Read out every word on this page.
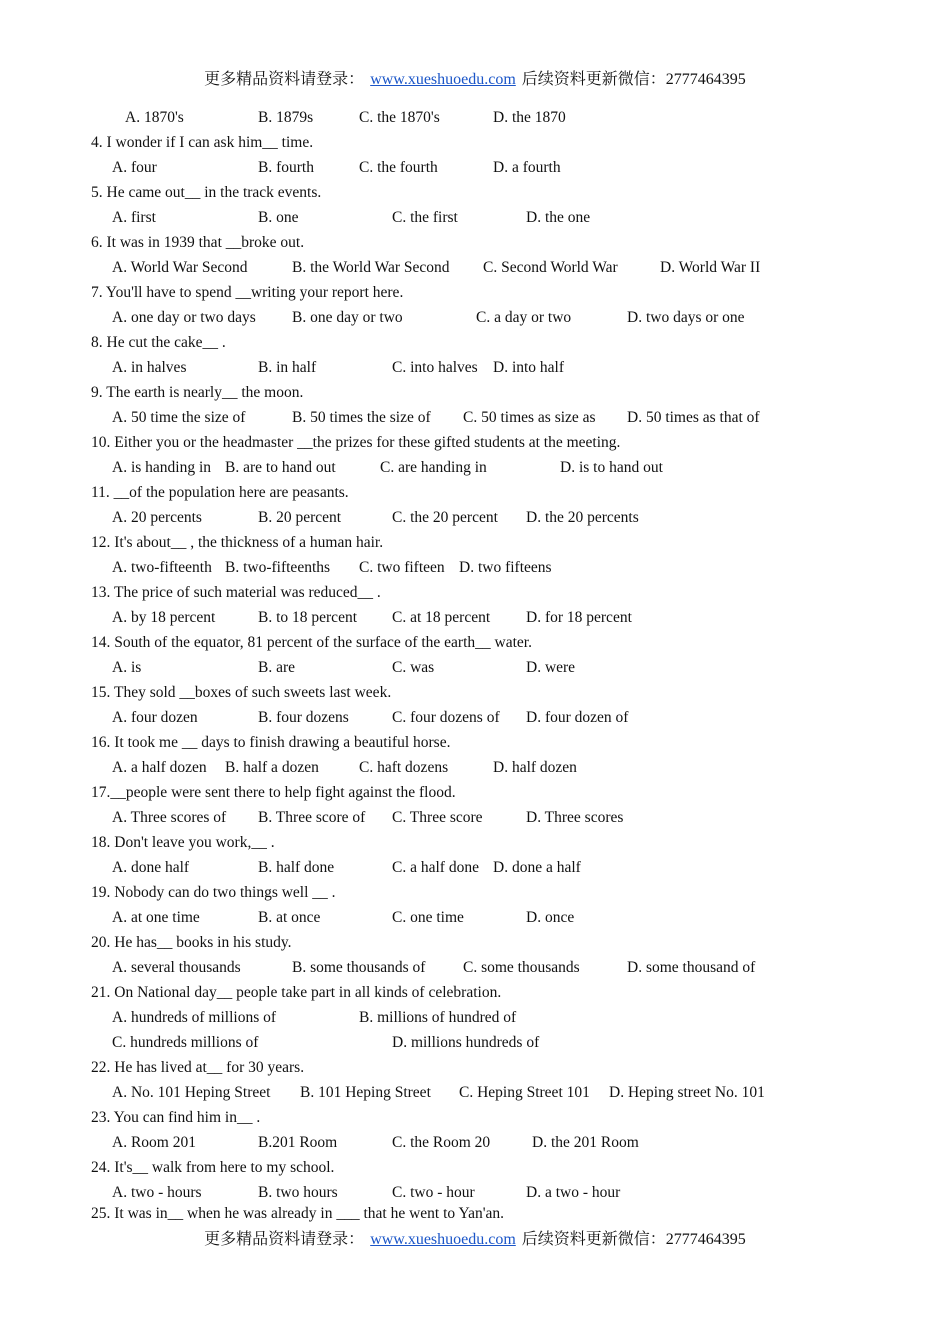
更多精品资料请登录： www.xueshuoedu.com 后续资料更新微信：2777464395
A. 1870's	B. 1879s	C. the 1870's	D. the 1870
4. I wonder if I can ask him__ time.
A. four	B. fourth	C. the fourth	D. a fourth
5. He came out__ in the track events.
A. first	B. one	C. the first	D. the one
6. It was in 1939 that __broke out.
A. World War Second	B. the World War Second C. Second World War	D. World War II
7. You'll have to spend __writing your report here.
A. one day or two days B. one day or two	C. a day or two	D. two days or one
8. He cut the cake__ .
A. in halves	B. in half	C. into halves D. into half
9. The earth is nearly__ the moon.
A. 50 time the size of	B. 50 times the size of C. 50 times as size as D. 50 times as that of
10. Either you or the headmaster __the prizes for these gifted students at the meeting.
A. is handing in B. are to hand out	C. are handing in	D. is to hand out
11. __of the population here are peasants.
A. 20 percents	B. 20 percent	C. the 20 percent D. the 20 percents
12. It's about__ , the thickness of a human hair.
A. two-fifteenth B. two-fifteenths C. two fifteen D. two fifteens
13. The price of such material was reduced__ .
A. by 18 percent	B. to 18 percent C. at 18 percent D. for 18 percent
14. South of the equator, 81 percent of the surface of the earth__ water.
A. is	B. are	C. was	D. were
15. They sold __boxes of such sweets last week.
A. four dozen	B. four dozens	C. four dozens of D. four dozen of
16. It took me __ days to finish drawing a beautiful horse.
A. a half dozen B. half a dozen	C. haft dozens	D. half dozen
17.__people were sent there to help fight against the flood.
A. Three scores of B. Three score of C. Three score	D. Three scores
18. Don't leave you work,__ .
A. done half	B. half done	C. a half done D. done a half
19. Nobody can do two things well __ .
A. at one time	B. at once	C. one time	D. once
20. He has__ books in his study.
A. several thousands	B. some thousands of C. some thousands	D. some thousand of
21. On National day__ people take part in all kinds of celebration.
A. hundreds of millions of	B. millions of hundred of
C. hundreds millions of	D. millions hundreds of
22. He has lived at__ for 30 years.
A. No. 101 Heping Street B. 101 Heping Street C. Heping Street 101 D. Heping street No. 101
23. You can find him in__ .
A. Room 201	B.201 Room	C. the Room 20	D. the 201 Room
24. It's__ walk from here to my school.
A. two - hours	B. two hours	C. two - hour	D. a two - hour
25. It was in__ when he was already in ___ that he went to Yan'an.
更多精品资料请登录： www.xueshuoedu.com 后续资料更新微信：2777464395
